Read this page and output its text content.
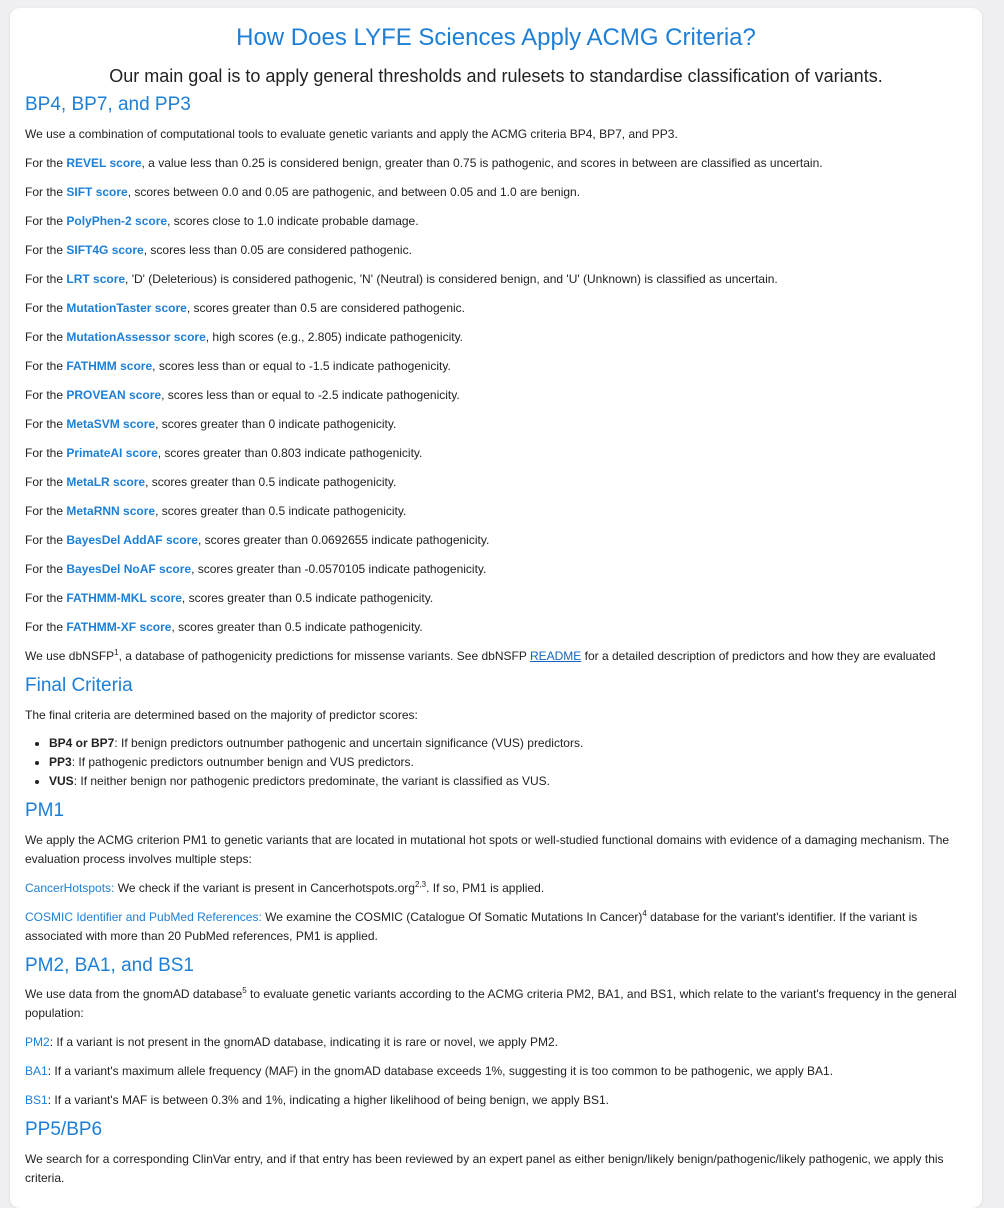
How Does LYFE Sciences Apply ACMG Criteria?

Our main goal is to apply general thresholds and rulesets to standardise classification of variants.

BP4, BP7, and PP3

We use a combination of computational tools to evaluate genetic variants and apply the ACMG criteria BP4, BP7, and PP3.

For the REVEL score, a value less than 0.25 is considered benign, greater than 0.75 is pathogenic, and scores in between are classified as uncertain.

For the SIFT score, scores between 0.0 and 0.05 are pathogenic, and between 0.05 and 1.0 are benign.

For the PolyPhen-2 score, scores close to 1.0 indicate probable damage.

For the SIFT4G score, scores less than 0.05 are considered pathogenic.

For the LRT score, 'D' (Deleterious) is considered pathogenic, 'N' (Neutral) is considered benign, and 'U' (Unknown) is classified as uncertain.

For the MutationTaster score, scores greater than 0.5 are considered pathogenic.

For the MutationAssessor score, high scores (e.g., 2.805) indicate pathogenicity.

For the FATHMM score, scores less than or equal to -1.5 indicate pathogenicity.

For the PROVEAN score, scores less than or equal to -2.5 indicate pathogenicity.

For the MetaSVM score, scores greater than 0 indicate pathogenicity.

For the PrimateAI score, scores greater than 0.803 indicate pathogenicity.

For the MetaLR score, scores greater than 0.5 indicate pathogenicity.

For the MetaRNN score, scores greater than 0.5 indicate pathogenicity.

For the BayesDel AddAF score, scores greater than 0.0692655 indicate pathogenicity.

For the BayesDel NoAF score, scores greater than -0.0570105 indicate pathogenicity.

For the FATHMM-MKL score, scores greater than 0.5 indicate pathogenicity.

For the FATHMM-XF score, scores greater than 0.5 indicate pathogenicity.

We use dbNSFP$^1$, a database of pathogenicity predictions for missense variants. See dbNSFP README for a detailed description of predictors and how they are evaluated

Final Criteria

The final criteria are determined based on the majority of predictor scores:

• BP4 or BP7: If benign predictors outnumber pathogenic and uncertain significance (VUS) predictors.
• PP3: If pathogenic predictors outnumber benign and VUS predictors.
• VUS: If neither benign nor pathogenic predictors predominate, the variant is classified as VUS.
PM1

We apply the ACMG criterion PM1 to genetic variants that are located in mutational hot spots or well-studied functional domains with evidence of a damaging mechanism. The evaluation process involves multiple steps:

CancerHotspots: We check if the variant is present in Cancerhotspots.org$^{2,3}$. If so, PM1 is applied.

COSMIC Identifier and PubMed References: We examine the COSMIC (Catalogue Of Somatic Mutations In Cancer)$^4$ database for the variant's identifier. If the variant is associated with more than 20 PubMed references, PM1 is applied.

PM2, BA1, and BS1

We use data from the gnomAD database$^5$ to evaluate genetic variants according to the ACMG criteria PM2, BA1, and BS1, which relate to the variant's frequency in the general population:

PM2: If a variant is not present in the gnomAD database, indicating it is rare or novel, we apply PM2.

BA1: If a variant's maximum allele frequency (MAF) in the gnomAD database exceeds 1%, suggesting it is too common to be pathogenic, we apply BA1.

BS1: If a variant's MAF is between 0.3% and 1%, indicating a higher likelihood of being benign, we apply BS1.

PP5/BP6

We search for a corresponding ClinVar entry, and if that entry has been reviewed by an expert panel as either benign/likely benign/pathogenic/likely pathogenic, we apply this criteria.
